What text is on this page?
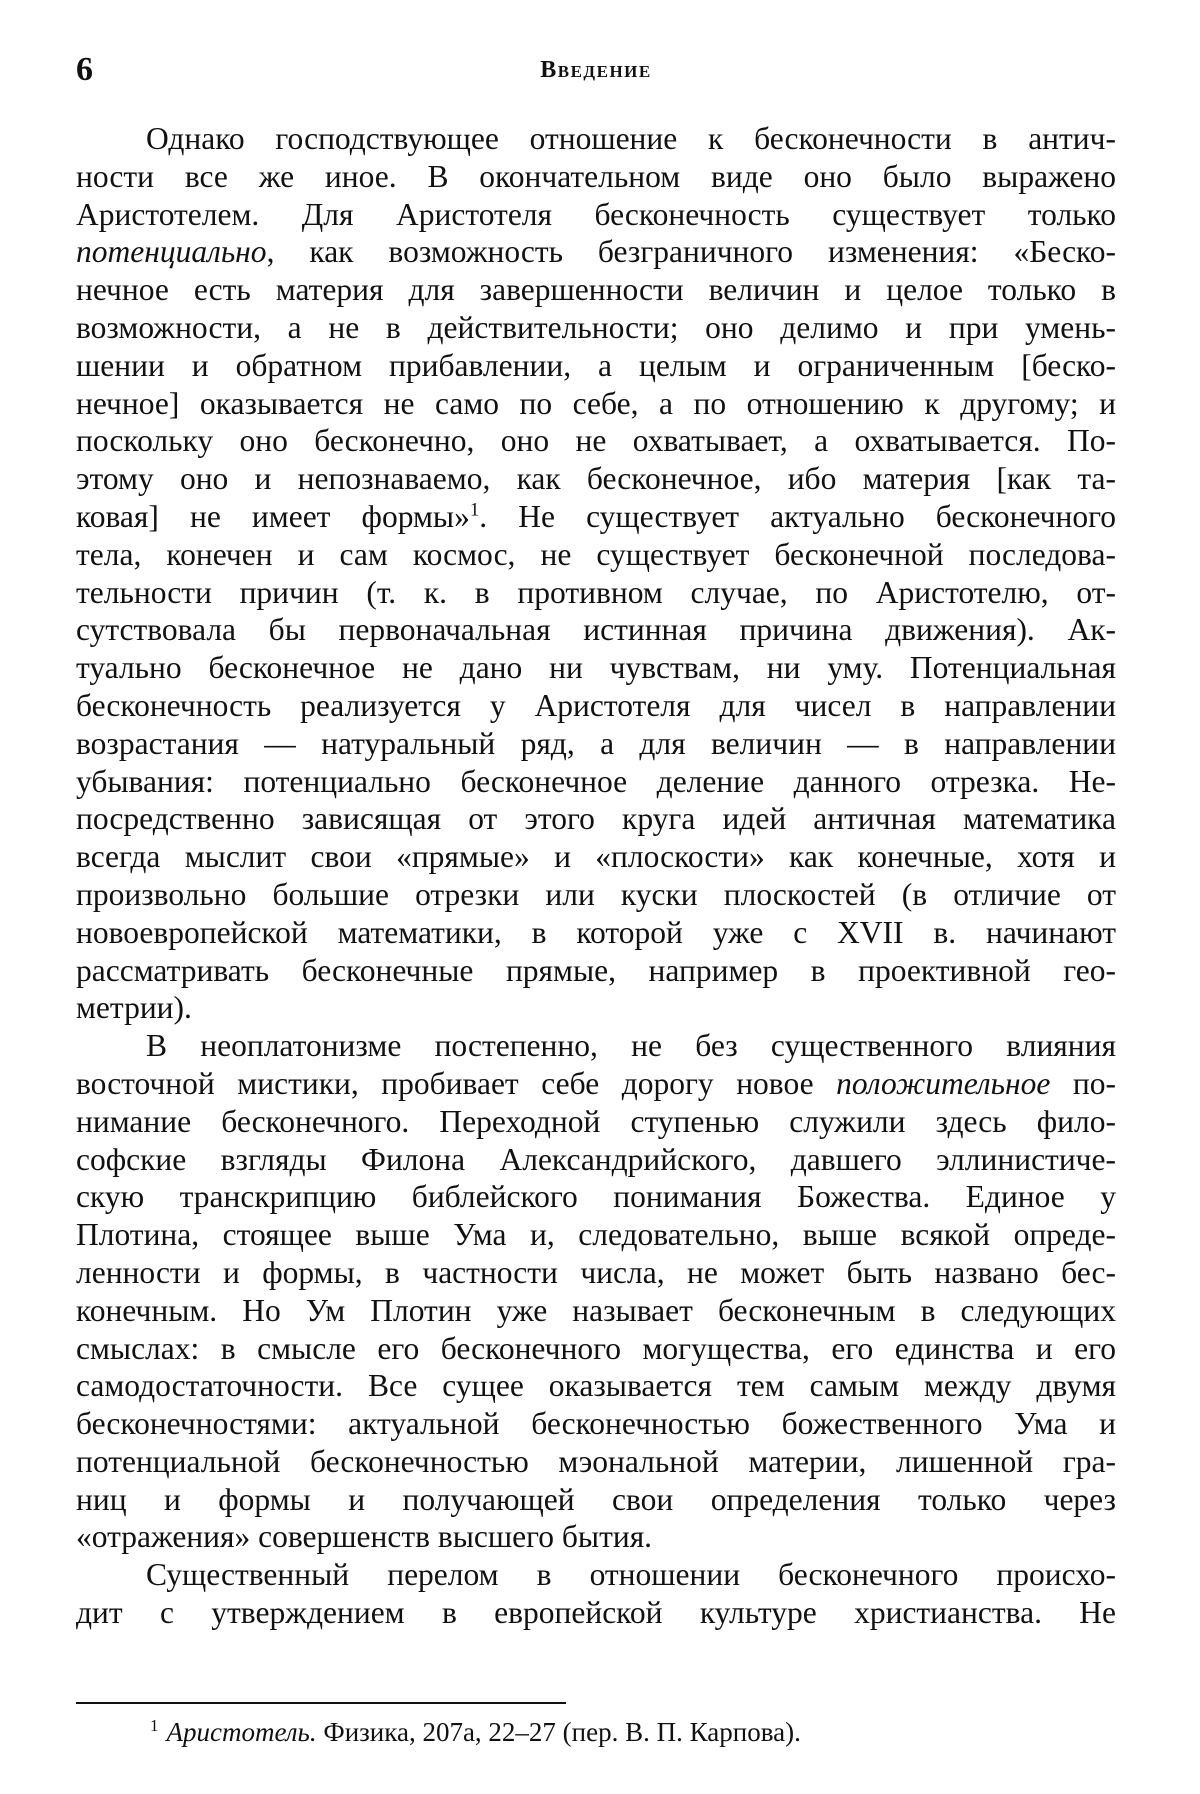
6	Введение
Однако господствующее отношение к бесконечности в антич-
ности все же иное. В окончательном виде оно было выражено
Аристотелем. Для Аристотеля бесконечность существует только
потенциально, как возможность безграничного изменения: «Беско-
нечное есть материя для завершенности величин и целое только в
возможности, а не в действительности; оно делимо и при умень-
шении и обратном прибавлении, а целым и ограниченным [беско-
нечное] оказывается не само по себе, а по отношению к другому; и
поскольку оно бесконечно, оно не охватывает, а охватывается. По-
этому оно и непознаваемо, как бесконечное, ибо материя [как та-
ковая] не имеет формы»$^1$. Не существует актуально бесконечного
тела, конечен и сам космос, не существует бесконечной последова-
тельности причин (т. к. в противном случае, по Аристотелю, от-
сутствовала бы первоначальная истинная причина движения). Ак-
туально бесконечное не дано ни чувствам, ни уму. Потенциальная
бесконечность реализуется у Аристотеля для чисел в направлении
возрастания — натуральный ряд, а для величин — в направлении
убывания: потенциально бесконечное деление данного отрезка. Не-
посредственно зависящая от этого круга идей античная математика
всегда мыслит свои «прямые» и «плоскости» как конечные, хотя и
произвольно большие отрезки или куски плоскостей (в отличие от
новоевропейской математики, в которой уже с XVII в. начинают
рассматривать бесконечные прямые, например в проективной гео-
метрии).
В неоплатонизме постепенно, не без существенного влияния
восточной мистики, пробивает себе дорогу новое положительное по-
нимание бесконечного. Переходной ступенью служили здесь фило-
софские взгляды Филона Александрийского, давшего эллинистиче-
скую транскрипцию библейского понимания Божества. Единое у
Плотина, стоящее выше Ума и, следовательно, выше всякой опреде-
ленности и формы, в частности числа, не может быть названо бес-
конечным. Но Ум Плотин уже называет бесконечным в следующих
смыслах: в смысле его бесконечного могущества, его единства и его
самодостаточности. Все сущее оказывается тем самым между двумя
бесконечностями: актуальной бесконечностью божественного Ума и
потенциальной бесконечностью мэональной материи, лишенной гра-
ниц и формы и получающей свои определения только через
«отражения» совершенств высшего бытия.
Существенный перелом в отношении бесконечного происхо-
дит с утверждением в европейской культуре христианства. Не
$^1$ Аристотель. Физика, 207а, 22–27 (пер. В. П. Карпова).
